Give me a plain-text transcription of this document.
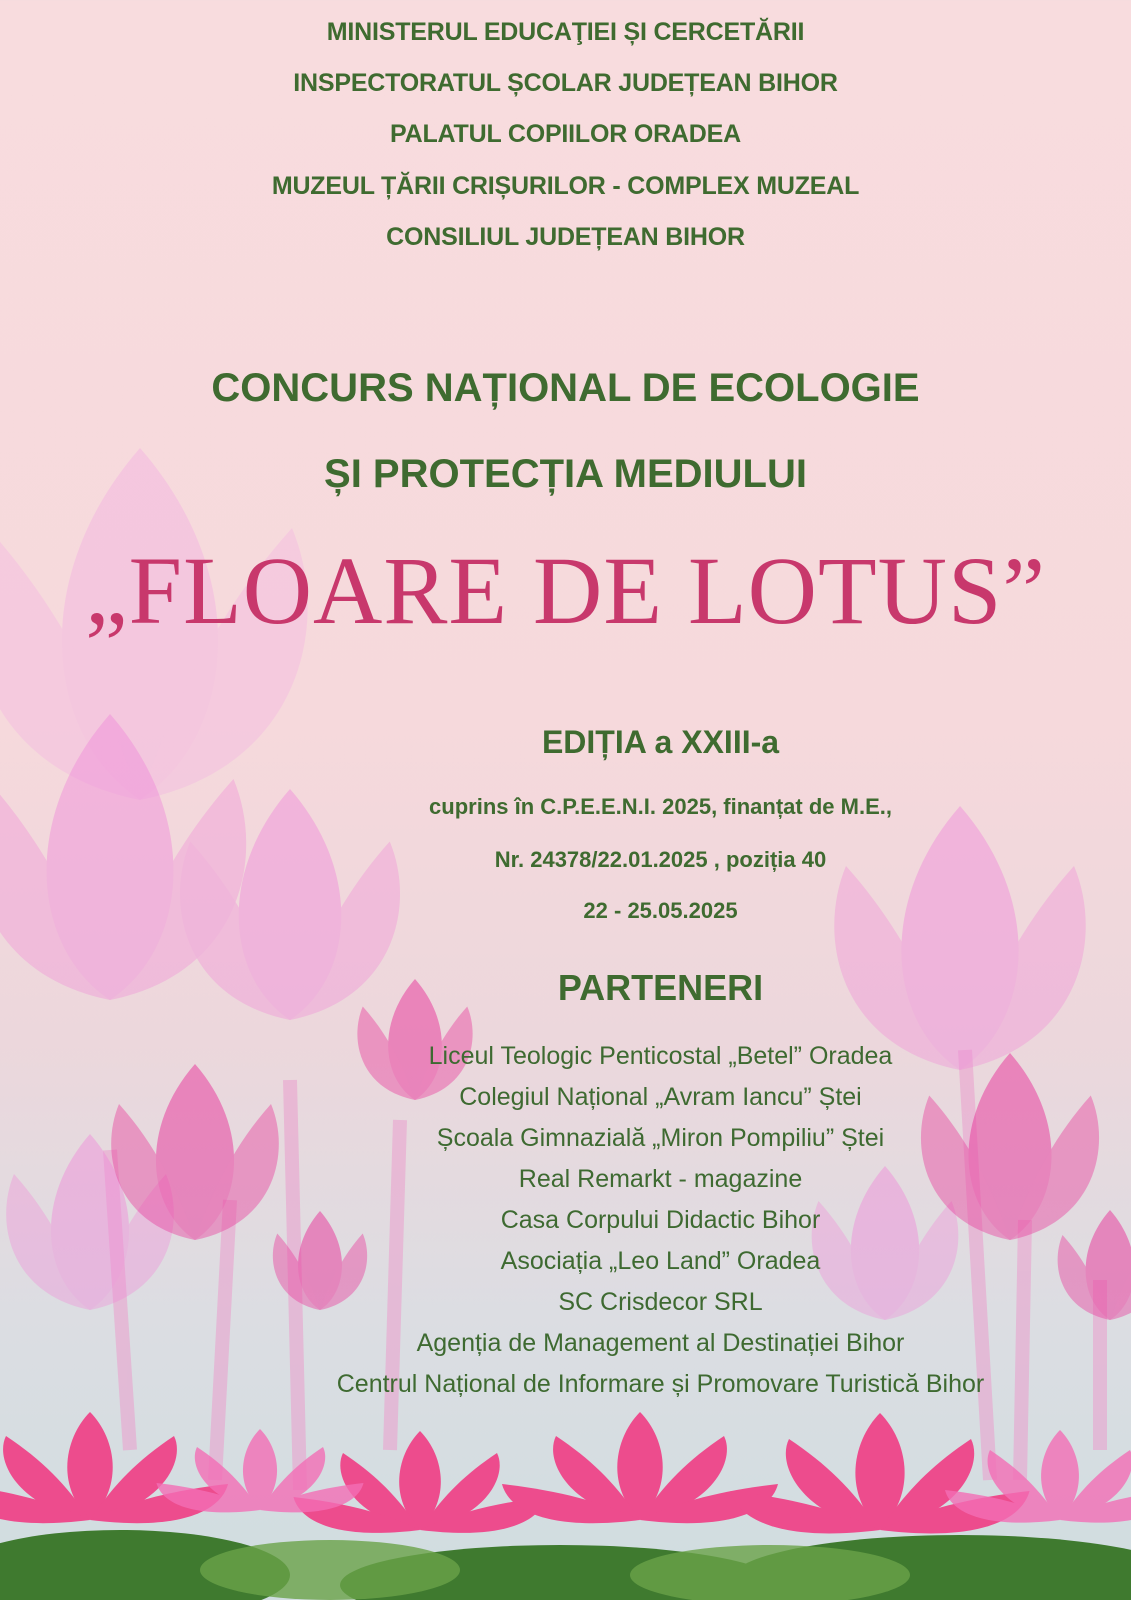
MINISTERUL EDUCAŢIEI ȘI CERCETĂRII
INSPECTORATUL ȘCOLAR JUDEȚEAN BIHOR
PALATUL COPIILOR ORADEA
MUZEUL ȚĂRII CRIȘURILOR - COMPLEX MUZEAL
CONSILIUL JUDEȚEAN BIHOR
CONCURS NAȚIONAL DE ECOLOGIE
ȘI PROTECȚIA MEDIULUI
„FLOARE DE LOTUS”
EDIȚIA a XXIII-a
cuprins în C.P.E.E.N.I. 2025, finanțat de M.E.,
Nr. 24378/22.01.2025 , poziția 40
22 - 25.05.2025
PARTENERI
Liceul Teologic Penticostal „Betel” Oradea
Colegiul Național „Avram Iancu” Ștei
Școala Gimnazială „Miron Pompiliu” Ștei
Real Remarkt - magazine
Casa Corpului Didactic Bihor
Asociația „Leo Land” Oradea
SC Crisdecor SRL
Agenția de Management al Destinației Bihor
Centrul Național de Informare și Promovare Turistică Bihor
